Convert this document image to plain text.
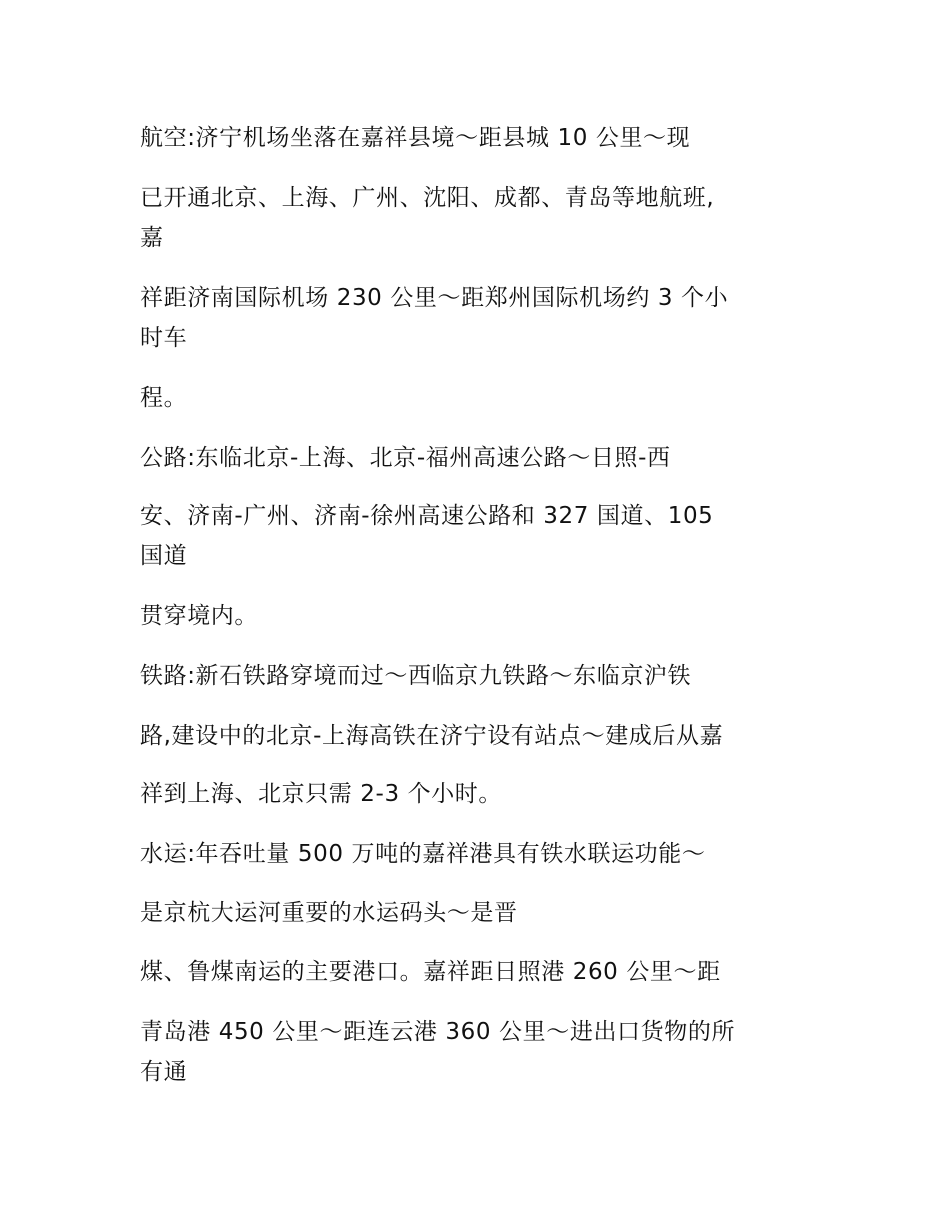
航空:济宁机场坐落在嘉祥县境～距县城 10 公里～现
已开通北京、上海、广州、沈阳、成都、青岛等地航班,
嘉
祥距济南国际机场 230 公里～距郑州国际机场约 3 个小
时车
程。
公路:东临北京-上海、北京-福州高速公路～日照-西
安、济南-广州、济南-徐州高速公路和 327 国道、105
国道
贯穿境内。
铁路:新石铁路穿境而过～西临京九铁路～东临京沪铁
路,建设中的北京-上海高铁在济宁设有站点～建成后从嘉
祥到上海、北京只需 2-3 个小时。
水运:年吞吐量 500 万吨的嘉祥港具有铁水联运功能～
是京杭大运河重要的水运码头～是晋
煤、鲁煤南运的主要港口。嘉祥距日照港 260 公里～距
青岛港 450 公里～距连云港 360 公里～进出口货物的所
有通
